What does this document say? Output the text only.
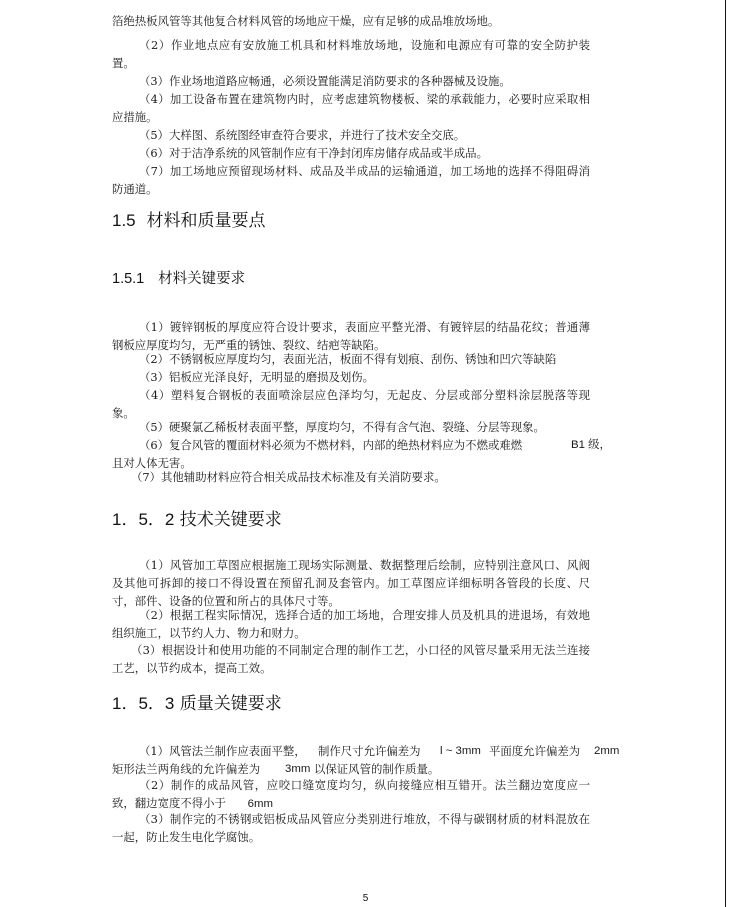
箔绝热板风管等其他复合材料风管的场地应干燥，应有足够的成品堆放场地。

（2）作业地点应有安放施工机具和材料堆放场地，设施和电源应有可靠的安全防护装置。

（3）作业场地道路应畅通，必须设置能满足消防要求的各种器械及设施。

（4）加工设备布置在建筑物内时，应考虑建筑物楼板、梁的承载能力，必要时应采取相应措施。

（5）大样图、系统图经审查符合要求，并进行了技术安全交底。

（6）对于洁净系统的风管制作应有干净封闭库房储存成品或半成品。

（7）加工场地应预留现场材料、成品及半成品的运输通道，加工场地的选择不得阻碍消防通道。

1.5 材料和质量要点
1.5.1 材料关键要求

（1）镀锌钢板的厚度应符合设计要求，表面应平整光滑、有镀锌层的结晶花纹；普通薄钢板应厚度均匀，无严重的锈蚀、裂纹、结疤等缺陷。

（2）不锈钢板应厚度均匀，表面光洁，板面不得有划痕、刮伤、锈蚀和凹穴等缺陷

（3）铝板应光泽良好，无明显的磨损及划伤。

（4）塑料复合钢板的表面喷涂层应色泽均匀，无起皮、分层或部分塑料涂层脱落等现象。

（5）硬聚氯乙稀板材表面平整，厚度均匀，不得有含气泡、裂缝、分层等现象。

（6）复合风管的覆面材料必须为不燃材料，内部的绝热材料应为不燃或难燃	B1 级，

且对人体无害。

（7）其他辅助材料应符合相关成品技术标准及有关消防要求。

1．5．2 技术关键要求

（1）风管加工草图应根据施工现场实际测量、数据整理后绘制，应特别注意风口、风阀及其他可拆卸的接口不得设置在预留孔洞及套管内。加工草图应详细标明各管段的长度、尺寸，部件、设备的位置和所占的具体尺寸等。

（2）根据工程实际情况，选择合适的加工场地，合理安排人员及机具的进退场，有效地组织施工，以节约人力、物力和财力。

（3）根据设计和使用功能的不同制定合理的制作工艺，小口径的风管尽量采用无法兰连接工艺，以节约成本，提高工效。

1．5．3 质量关键要求
（1）风管法兰制作应表面平整， 制作尺寸允许偏差为 l ~ 3mm 平面度允许偏差为 2mm
矩形法兰两角线的允许偏差为 3mm 以保证风管的制作质量。

（2）制作的成品风管，应咬口缝宽度均匀，纵向接缝应相互错开。法兰翻边宽度应一致，翻边宽度不得小于 6mm

（3）制作完的不锈钢或铝板成品风管应分类别进行堆放，不得与碳钢材质的材料混放在一起，防止发生电化学腐蚀。

5
